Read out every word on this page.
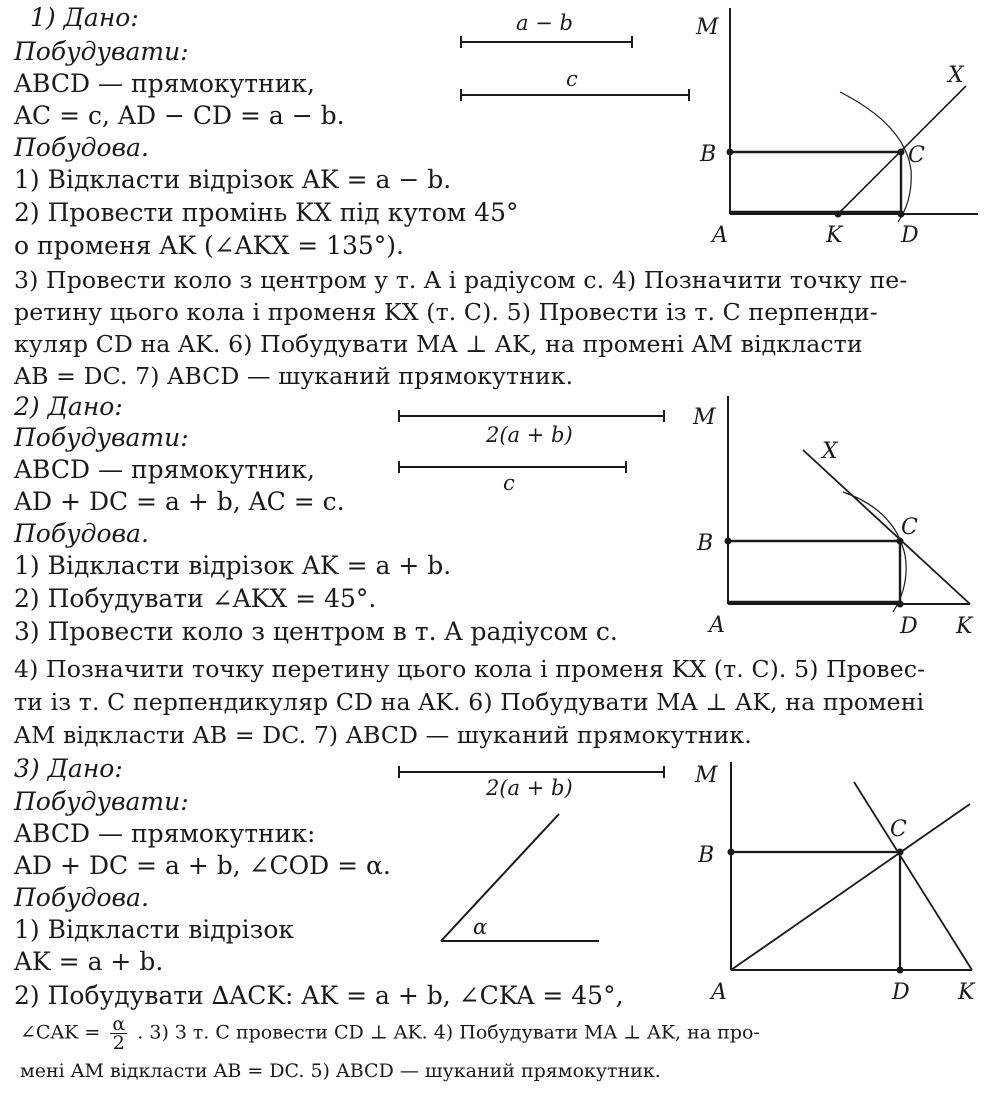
1) Дано:
Побудувати:
ABCD — прямокутник,
AC = c, AD − CD = a − b.
Побудова.
1) Відкласти відрізок AK = a − b.
2) Провести промінь KX під кутом 45°
о променя AK (∠AKX = 135°).
3) Провести коло з центром у т. A і радіусом c. 4) Позначити точку пе-
ретину цього кола і променя KX (т. C). 5) Провести із т. C перпенди-
куляр CD на AK. 6) Побудувати MA ⊥ AK, на промені AM відкласти
AB = DC. 7) ABCD — шуканий прямокутник.
2) Дано:
Побудувати:
ABCD — прямокутник,
AD + DC = a + b, AC = c.
Побудова.
1) Відкласти відрізок AK = a + b.
2) Побудувати ∠AKX = 45°.
3) Провести коло з центром в т. A радіусом c.
4) Позначити точку перетину цього кола і променя KX (т. C). 5) Провес-
ти із т. C перпендикуляр CD на AK. 6) Побудувати MA ⊥ AK, на промені
AM відкласти AB = DC. 7) ABCD — шуканий прямокутник.
3) Дано:
Побудувати:
ABCD — прямокутник:
AD + DC = a + b, ∠COD = α.
Побудова.
1) Відкласти відрізок
AK = a + b.
2) Побудувати ∆ACK: AK = a + b, ∠CKA = 45°,
∠CAK = $\frac{\alpha}{2}$ . 3) З т. C провести CD ⊥ AK. 4) Побудувати MA ⊥ AK, на про-
мені AM відкласти AB = DC. 5) ABCD — шуканий прямокутник.
a − b
c
M
X
B	C
A	K	D
2(a + b)
c
M
X
B
C
A	D K
2(a + b)
α
M
B
C
A	D K
